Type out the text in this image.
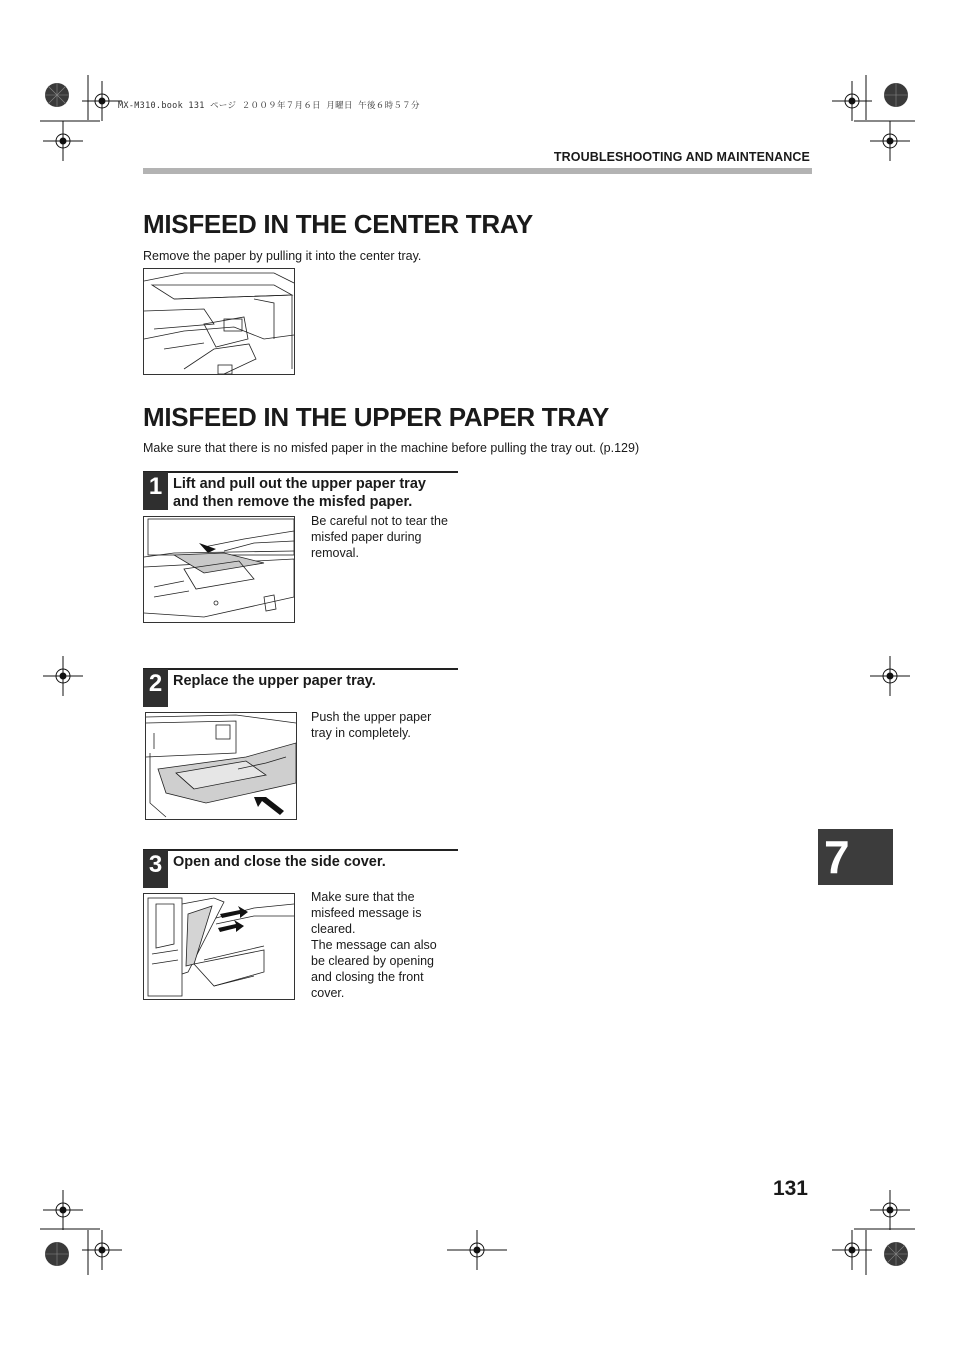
MX-M310.book 131 ページ ２００９年７月６日 月曜日 午後６時５７分
TROUBLESHOOTING AND MAINTENANCE
MISFEED IN THE CENTER TRAY
Remove the paper by pulling it into the center tray.
MISFEED IN THE UPPER PAPER TRAY
Make sure that there is no misfed paper in the machine before pulling the tray out. (p.129)
1 Lift and pull out the upper paper tray
and then remove the misfed paper.
Be careful not to tear the
misfed paper during
removal.
2 Replace the upper paper tray.
Push the upper paper
tray in completely.
3 Open and close the side cover.
Make sure that the
misfeed message is
cleared.
The message can also
be cleared by opening
and closing the front
cover.
7
131
